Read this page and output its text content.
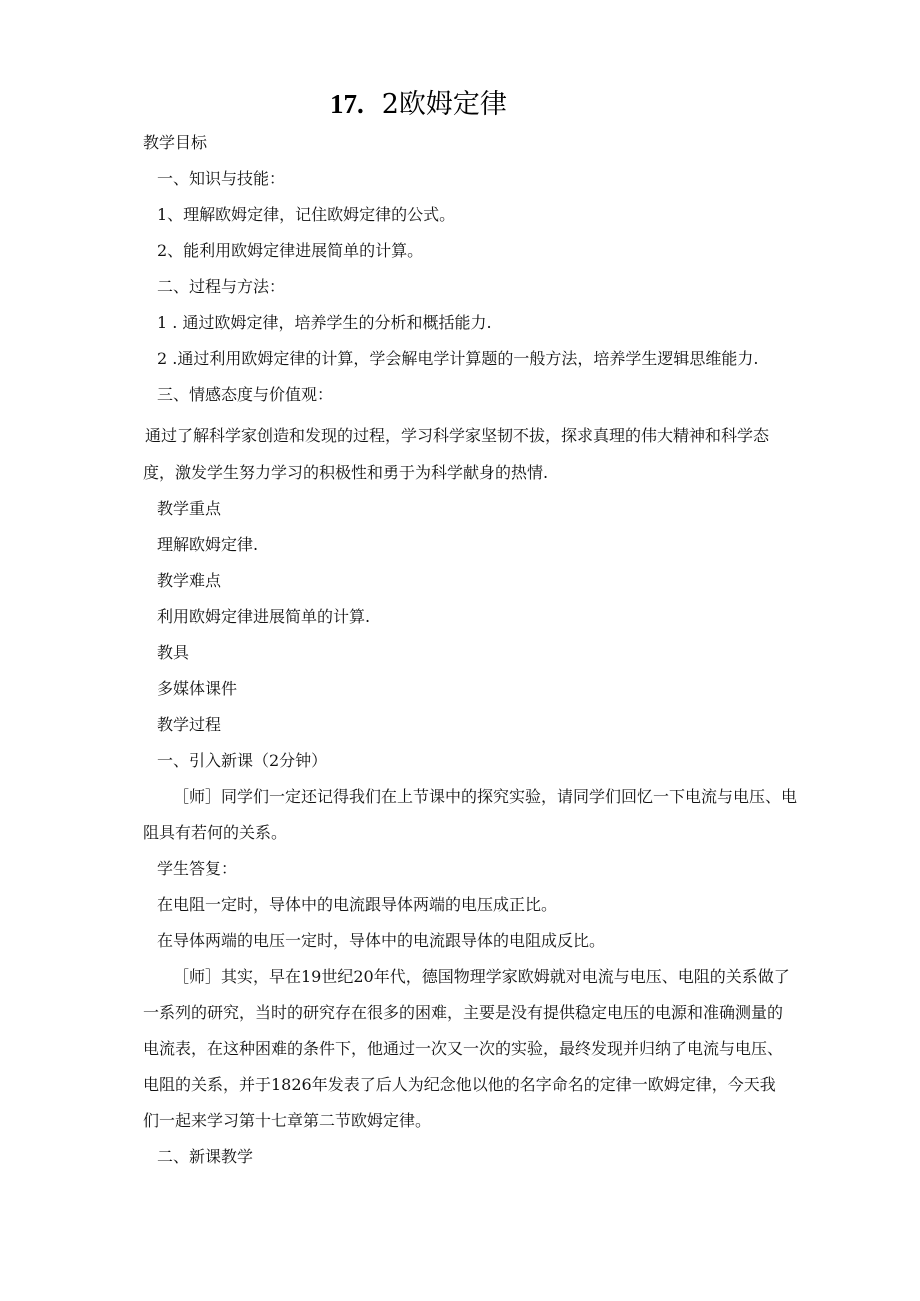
17. 2欧姆定律
教学目标
一、知识与技能：
1、理解欧姆定律，记住欧姆定律的公式。
2、能利用欧姆定律进展简单的计算。
二、过程与方法：
1 . 通过欧姆定律，培养学生的分析和概括能力.
2 .通过利用欧姆定律的计算，学会解电学计算题的一般方法，培养学生逻辑思维能力.
三、情感态度与价值观：
通过了解科学家创造和发现的过程，学习科学家坚韧不拔，探求真理的伟大精神和科学态
度，激发学生努力学习的积极性和勇于为科学献身的热情.
教学重点
理解欧姆定律.
教学难点
利用欧姆定律进展简单的计算.
教具
多媒体课件
教学过程
一、引入新课（2分钟）
［师］同学们一定还记得我们在上节课中的探究实验，请同学们回忆一下电流与电压、电
阻具有若何的关系。
学生答复：
在电阻一定时，导体中的电流跟导体两端的电压成正比。
在导体两端的电压一定时，导体中的电流跟导体的电阻成反比。
［师］其实，早在19世纪20年代，德国物理学家欧姆就对电流与电压、电阻的关系做了
一系列的研究，当时的研究存在很多的困难，主要是没有提供稳定电压的电源和准确测量的
电流表，在这种困难的条件下，他通过一次又一次的实验，最终发现并归纳了电流与电压、
电阻的关系，并于1826年发表了后人为纪念他以他的名字命名的定律一欧姆定律，今天我
们一起来学习第十七章第二节欧姆定律。
二、新课教学
